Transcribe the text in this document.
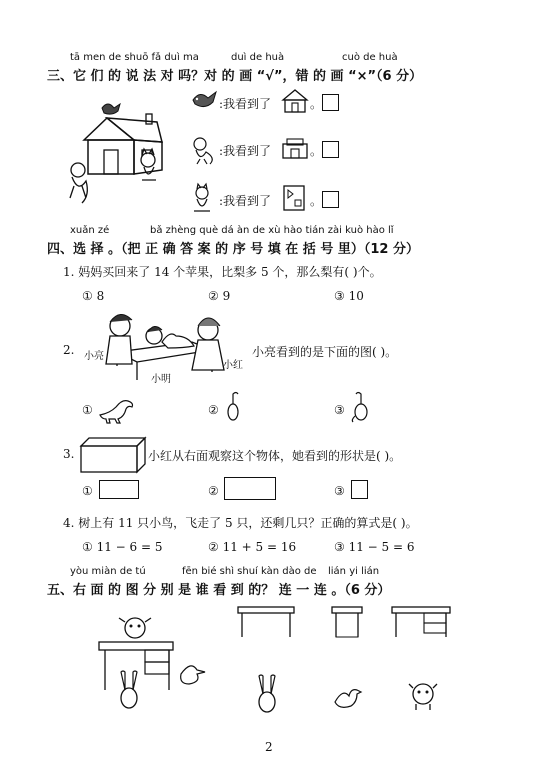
tā men de shuō fǎ duì ma	duì de huà	cuò de huà
三、它 们 的 说 法 对 吗？对 的 画 “√”，错 的 画 “×”（6 分）
:我看到了	。
:我看到了	。
:我看到了	。
xuǎn zé	bǎ zhèng què dá àn de xù hào tián zài kuò hào lǐ
四、选 择 。（把 正 确 答 案 的 序 号 填 在 括 号 里）（12 分）
1. 妈妈买回来了 14 个苹果，比梨多 5 个，那么梨有( )个。
① 8	② 9	③ 10
2. 小亮
小明
小红
小亮看到的是下面的图( )。
①	②	③
3.	小红从右面观察这个物体，她看到的形状是( )。
①	②	③
4. 树上有 11 只小鸟，飞走了 5 只，还剩几只？正确的算式是( )。
① 11 − 6 = 5	② 11 + 5 = 16	③ 11 − 5 = 6
yòu miàn de tú	fēn bié shì shuí kàn dào de lián yi lián
五、右 面 的 图 分 别 是 谁 看 到 的？ 连 一 连 。（6 分）
2
